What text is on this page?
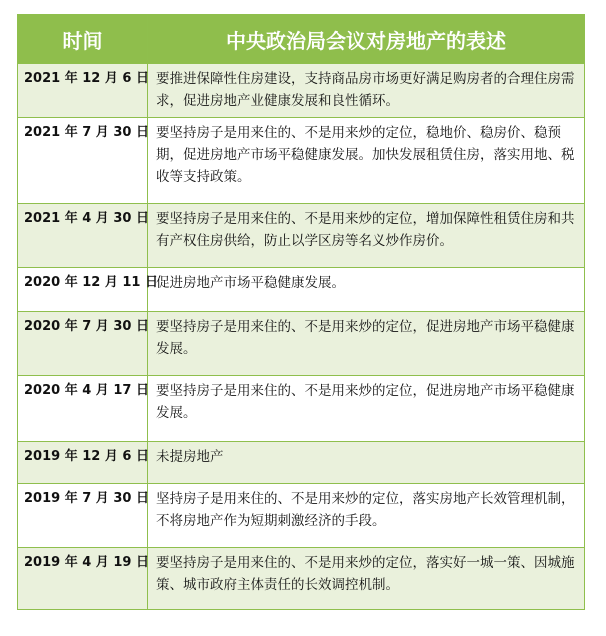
时间	中央政治局会议对房地产的表述
2021 年 12 月 6 日	要推进保障性住房建设，支持商品房市场更好满足购房者的合理住房需求，促进房地产业健康发展和良性循环。
2021 年 7 月 30 日	要坚持房子是用来住的、不是用来炒的定位，稳地价、稳房价、稳预期，促进房地产市场平稳健康发展。加快发展租赁住房，落实用地、税收等支持政策。
2021 年 4 月 30 日	要坚持房子是用来住的、不是用来炒的定位，增加保障性租赁住房和共有产权住房供给，防止以学区房等名义炒作房价。
2020 年 12 月 11 日	促进房地产市场平稳健康发展。
2020 年 7 月 30 日	要坚持房子是用来住的、不是用来炒的定位，促进房地产市场平稳健康发展。
2020 年 4 月 17 日	要坚持房子是用来住的、不是用来炒的定位，促进房地产市场平稳健康发展。
2019 年 12 月 6 日	未提房地产
2019 年 7 月 30 日	坚持房子是用来住的、不是用来炒的定位，落实房地产长效管理机制，不将房地产作为短期刺激经济的手段。
2019 年 4 月 19 日	要坚持房子是用来住的、不是用来炒的定位，落实好一城一策、因城施策、城市政府主体责任的长效调控机制。
